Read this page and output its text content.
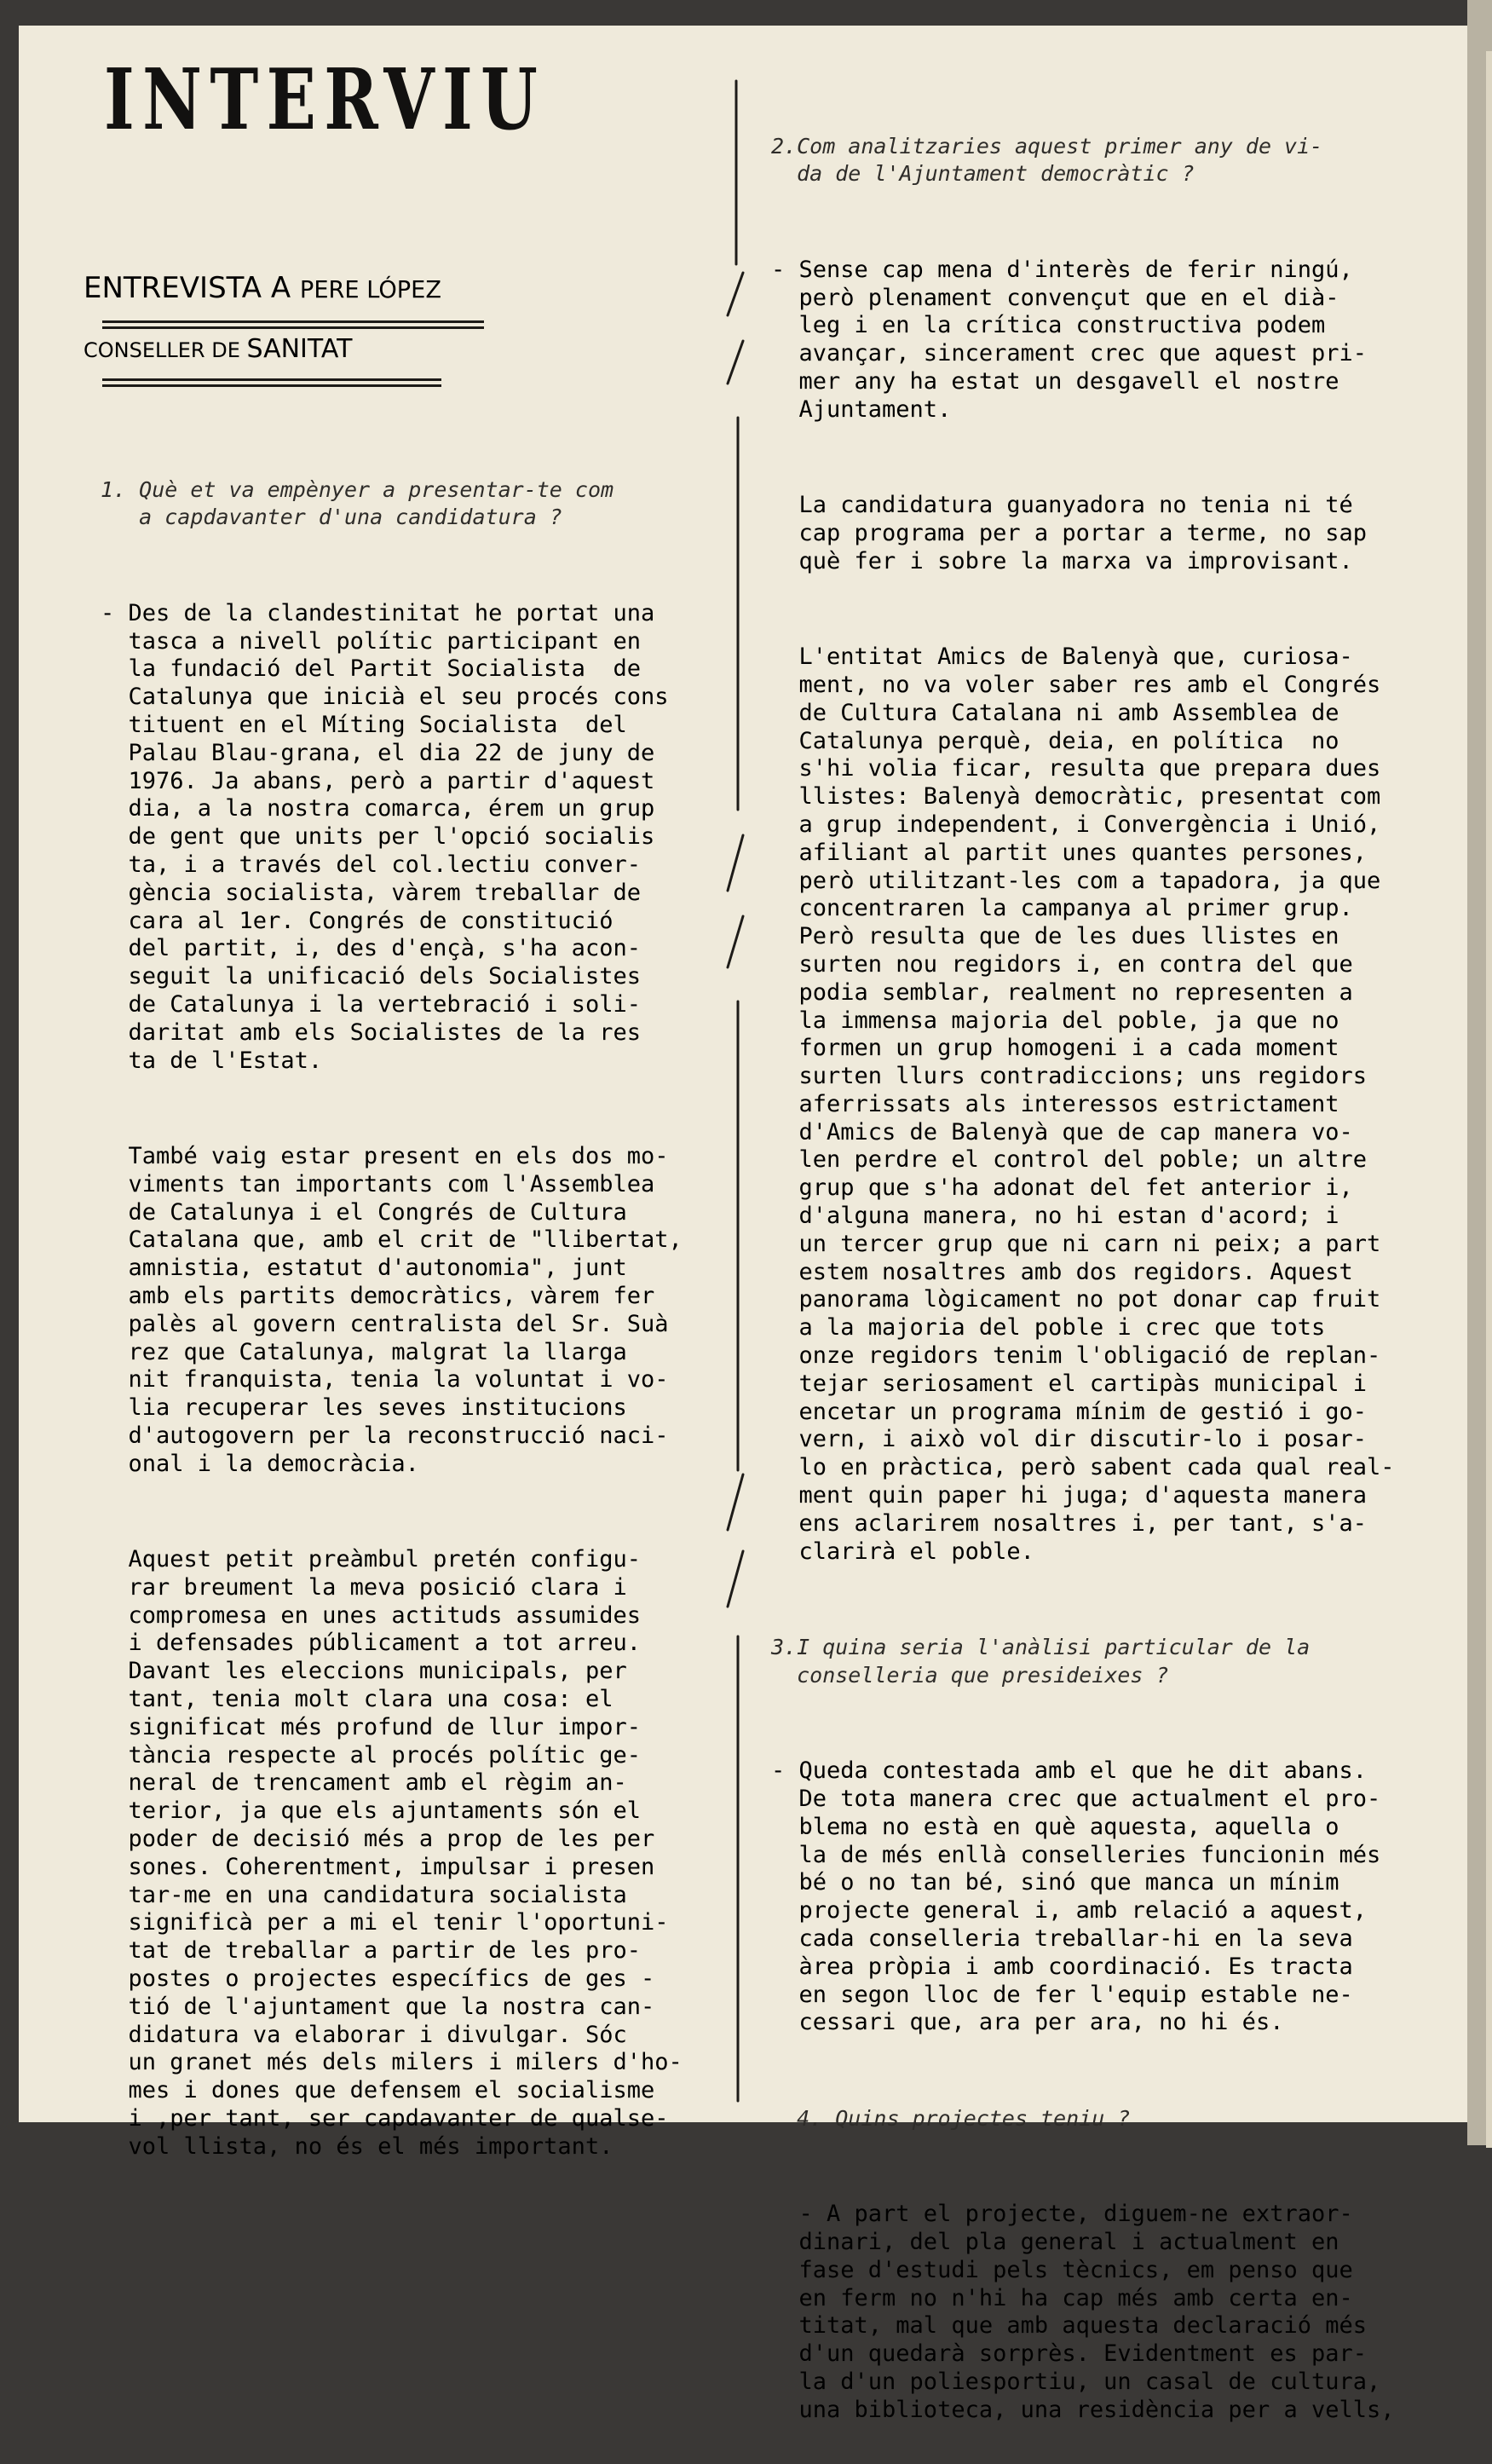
INTERVIU
ENTREVISTA A PERE LÓPEZ
CONSELLER DE SANITAT

1. Què et va empènyer a presentar-te com
a capdavanter d'una candidatura ?

- Des de la clandestinitat he portat una
tasca a nivell polític participant en
la fundació del Partit Socialista  de
Catalunya que inicià el seu procés cons
tituent en el Míting Socialista  del
Palau Blau-grana, el dia 22 de juny de
1976. Ja abans, però a partir d'aquest
dia, a la nostra comarca, érem un grup
de gent que units per l'opció socialis
ta, i a través del col.lectiu conver-
gència socialista, vàrem treballar de
cara al 1er. Congrés de constitució
del partit, i, des d'ençà, s'ha acon-
seguit la unificació dels Socialistes
de Catalunya i la vertebració i soli-
daritat amb els Socialistes de la res
ta de l'Estat.

També vaig estar present en els dos mo-
viments tan importants com l'Assemblea
de Catalunya i el Congrés de Cultura
Catalana que, amb el crit de "llibertat,
amnistia, estatut d'autonomia", junt
amb els partits democràtics, vàrem fer
palès al govern centralista del Sr. Suà
rez que Catalunya, malgrat la llarga
nit franquista, tenia la voluntat i vo-
lia recuperar les seves institucions
d'autogovern per la reconstrucció naci-
onal i la democràcia.

Aquest petit preàmbul pretén configu-
rar breument la meva posició clara i
compromesa en unes actituds assumides
i defensades públicament a tot arreu.
Davant les eleccions municipals, per
tant, tenia molt clara una cosa: el
significat més profund de llur impor-
tància respecte al procés polític ge-
neral de trencament amb el règim an-
terior, ja que els ajuntaments són el
poder de decisió més a prop de les per
sones. Coherentment, impulsar i presen
tar-me en una candidatura socialista
significà per a mi el tenir l'oportuni-
tat de treballar a partir de les pro-
postes o projectes específics de ges -
tió de l'ajuntament que la nostra can-
didatura va elaborar i divulgar. Sóc
un granet més dels milers i milers d'ho-
mes i dones que defensem el socialisme
i ,per tant, ser capdavanter de qualse-
vol llista, no és el més important.

2.Com analitzaries aquest primer any de vi-
da de l'Ajuntament democràtic ?

- Sense cap mena d'interès de ferir ningú,
però plenament convençut que en el dià-
leg i en la crítica constructiva podem
avançar, sincerament crec que aquest pri-
mer any ha estat un desgavell el nostre
Ajuntament.

La candidatura guanyadora no tenia ni té
cap programa per a portar a terme, no sap
què fer i sobre la marxa va improvisant.

L'entitat Amics de Balenyà que, curiosa-
ment, no va voler saber res amb el Congrés
de Cultura Catalana ni amb Assemblea de
Catalunya perquè, deia, en política  no
s'hi volia ficar, resulta que prepara dues
llistes: Balenyà democràtic, presentat com
a grup independent, i Convergència i Unió,
afiliant al partit unes quantes persones,
però utilitzant-les com a tapadora, ja que
concentraren la campanya al primer grup.
Però resulta que de les dues llistes en
surten nou regidors i, en contra del que
podia semblar, realment no representen a
la immensa majoria del poble, ja que no
formen un grup homogeni i a cada moment
surten llurs contradiccions; uns regidors
aferrissats als interessos estrictament
d'Amics de Balenyà que de cap manera vo-
len perdre el control del poble; un altre
grup que s'ha adonat del fet anterior i,
d'alguna manera, no hi estan d'acord; i
un tercer grup que ni carn ni peix; a part
estem nosaltres amb dos regidors. Aquest
panorama lògicament no pot donar cap fruit
a la majoria del poble i crec que tots
onze regidors tenim l'obligació de replan-
tejar seriosament el cartipàs municipal i
encetar un programa mínim de gestió i go-
vern, i això vol dir discutir-lo i posar-
lo en pràctica, però sabent cada qual real-
ment quin paper hi juga; d'aquesta manera
ens aclarirem nosaltres i, per tant, s'a-
clarirà el poble.

3.I quina seria l'anàlisi particular de la
conselleria que presideixes ?

- Queda contestada amb el que he dit abans.
De tota manera crec que actualment el pro-
blema no està en què aquesta, aquella o
la de més enllà conselleries funcionin més
bé o no tan bé, sinó que manca un mínim
projecte general i, amb relació a aquest,
cada conselleria treballar-hi en la seva
àrea pròpia i amb coordinació. Es tracta
en segon lloc de fer l'equip estable ne-
cessari que, ara per ara, no hi és.

4. Quins projectes teniu ?

- A part el projecte, diguem-ne extraor-
dinari, del pla general i actualment en
fase d'estudi pels tècnics, em penso que
en ferm no n'hi ha cap més amb certa en-
titat, mal que amb aquesta declaració més
d'un quedarà sorprès. Evidentment es par-
la d'un poliesportiu, un casal de cultura,
una biblioteca, una residència per a vells,
